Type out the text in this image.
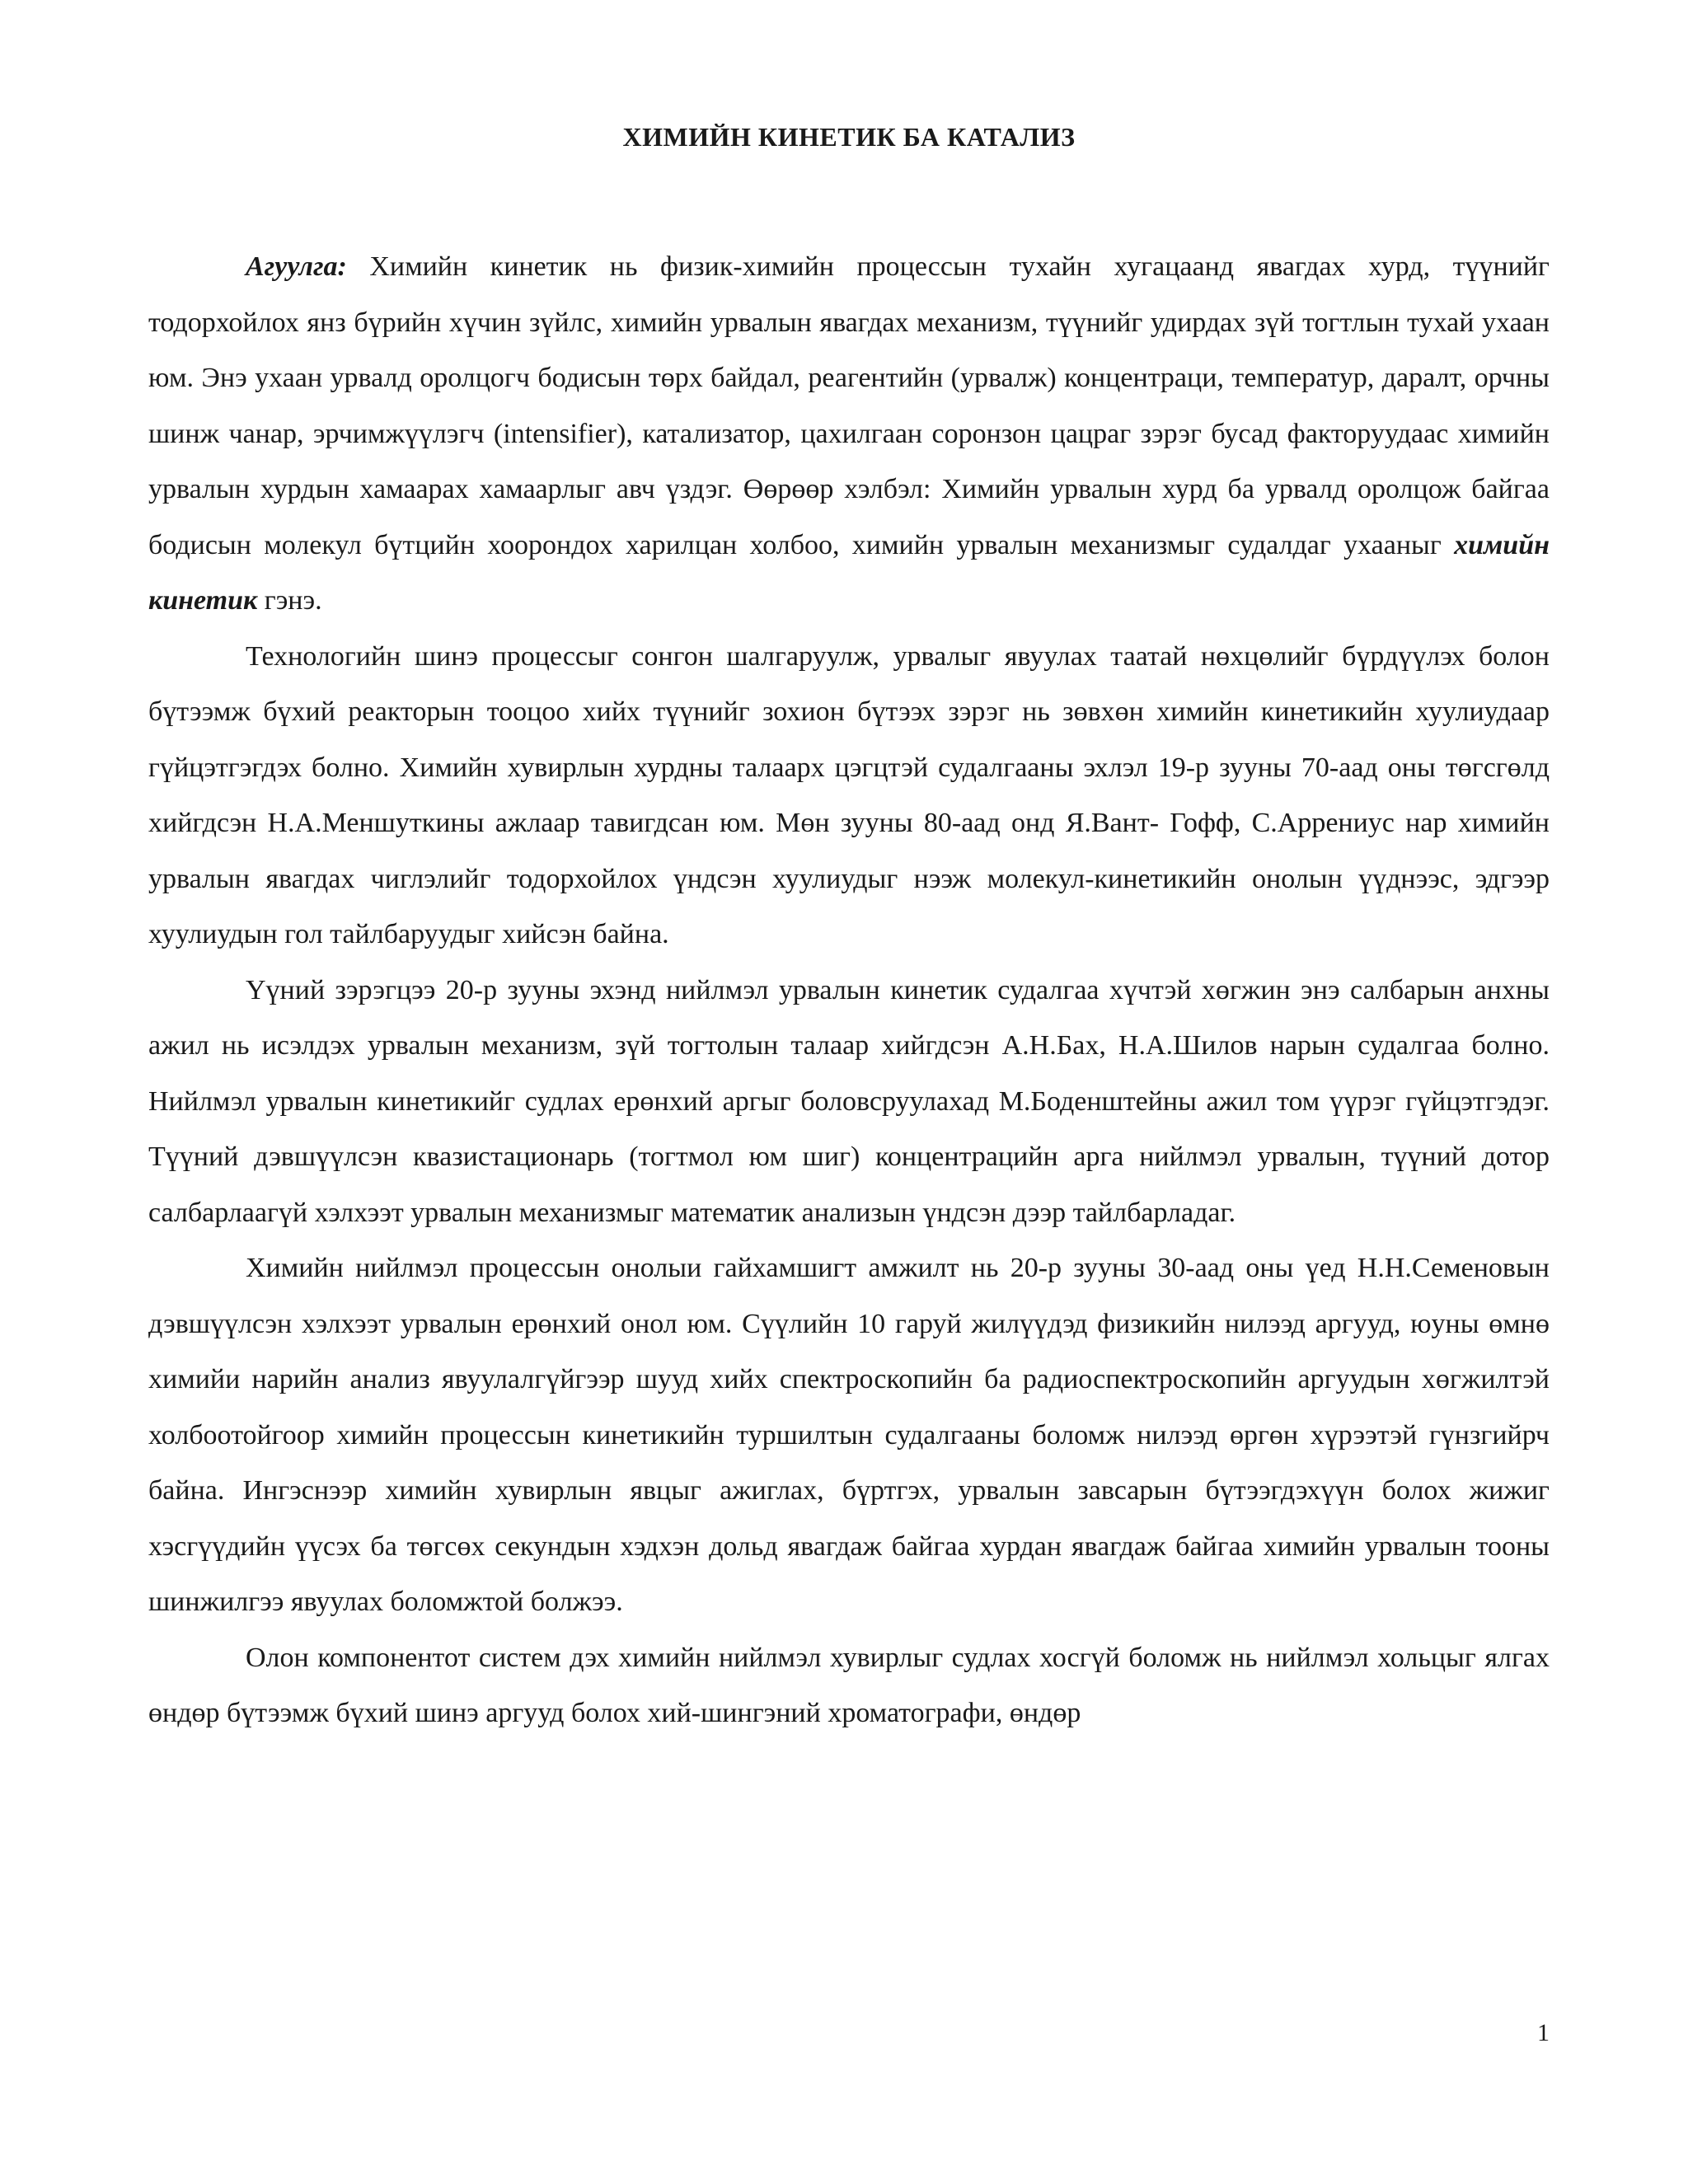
ХИМИЙН КИНЕТИК БА КАТАЛИЗ

Агуулга: Химийн кинетик нь физик-химийн процессын тухайн хугацаанд явагдах хурд, түүнийг тодорхойлох янз бүрийн хүчин зүйлс, химийн урвалын явагдах механизм, түүнийг удирдах зүй тогтлын тухай ухаан юм. Энэ ухаан урвалд оролцогч бодисын төрх байдал, реагентийн (урвалж) концентраци, температур, даралт, орчны шинж чанар, эрчимжүүлэгч (intensifier), катализатор, цахилгаан соронзон цацраг зэрэг бусад факторуудаас химийн урвалын хурдын хамаарах хамаарлыг авч үздэг. Өөрөөр хэлбэл: Химийн урвалын хурд ба урвалд оролцож байгаа бодисын молекул бүтцийн хоорондох харилцан холбоо, химийн урвалын механизмыг судалдаг ухааныг химийн кинетик гэнэ.

Технологийн шинэ процессыг сонгон шалгаруулж, урвалыг явуулах таатай нөхцөлийг бүрдүүлэх болон бүтээмж бүхий реакторын тооцоо хийх түүнийг зохион бүтээх зэрэг нь зөвхөн химийн кинетикийн хуулиудаар гүйцэтгэгдэх болно. Химийн хувирлын хурдны талаарх цэгцтэй судалгааны эхлэл 19-р зууны 70-аад оны төгсгөлд хийгдсэн Н.А.Меншуткины ажлаар тавигдсан юм. Мөн зууны 80-аад онд Я.Вант- Гофф, С.Аррениус нар химийн урвалын явагдах чиглэлийг тодорхойлох үндсэн хуулиудыг нээж молекул-кинетикийн онолын үүднээс, эдгээр хуулиудын гол тайлбаруудыг хийсэн байна.

Үүний зэрэгцээ 20-р зууны эхэнд нийлмэл урвалын кинетик судалгаа хүчтэй хөгжин энэ салбарын анхны ажил нь исэлдэх урвалын механизм, зүй тогтолын талаар хийгдсэн А.Н.Бах, Н.А.Шилов нарын судалгаа болно. Нийлмэл урвалын кинетикийг судлах ерөнхий аргыг боловсруулахад М.Боденштейны ажил том үүрэг гүйцэтгэдэг. Түүний дэвшүүлсэн квазистационарь (тогтмол юм шиг) концентрацийн арга нийлмэл урвалын, түүний дотор салбарлаагүй хэлхээт урвалын механизмыг математик анализын үндсэн дээр тайлбарладаг.

Химийн нийлмэл процессын онолыи гайхамшигт амжилт нь 20-р зууны 30-аад оны үед Н.Н.Семеновын дэвшүүлсэн хэлхээт урвалын ерөнхий онол юм. Сүүлийн 10 гаруй жилүүдэд физикийн нилээд аргууд, юуны өмнө химийи нарийн анализ явуулалгүйгээр шууд хийх спектроскопийн ба радиоспектроскопийн аргуудын хөгжилтэй холбоотойгоор химийн процессын кинетикийн туршилтын судалгааны боломж нилээд өргөн хүрээтэй гүнзгийрч байна. Ингэснээр химийн хувирлын явцыг ажиглах, бүртгэх, урвалын завсарын бүтээгдэхүүн болох жижиг хэсгүүдийн үүсэх ба төгсөх секундын хэдхэн дольд явагдаж байгаа хурдан явагдаж байгаа химийн урвалын тооны шинжилгээ явуулах боломжтой болжээ.

Олон компонентот систем дэх химийн нийлмэл хувирлыг судлах хосгүй боломж нь нийлмэл хольцыг ялгах өндөр бүтээмж бүхий шинэ аргууд болох хий-шингэний хроматографи, өндөр

1
